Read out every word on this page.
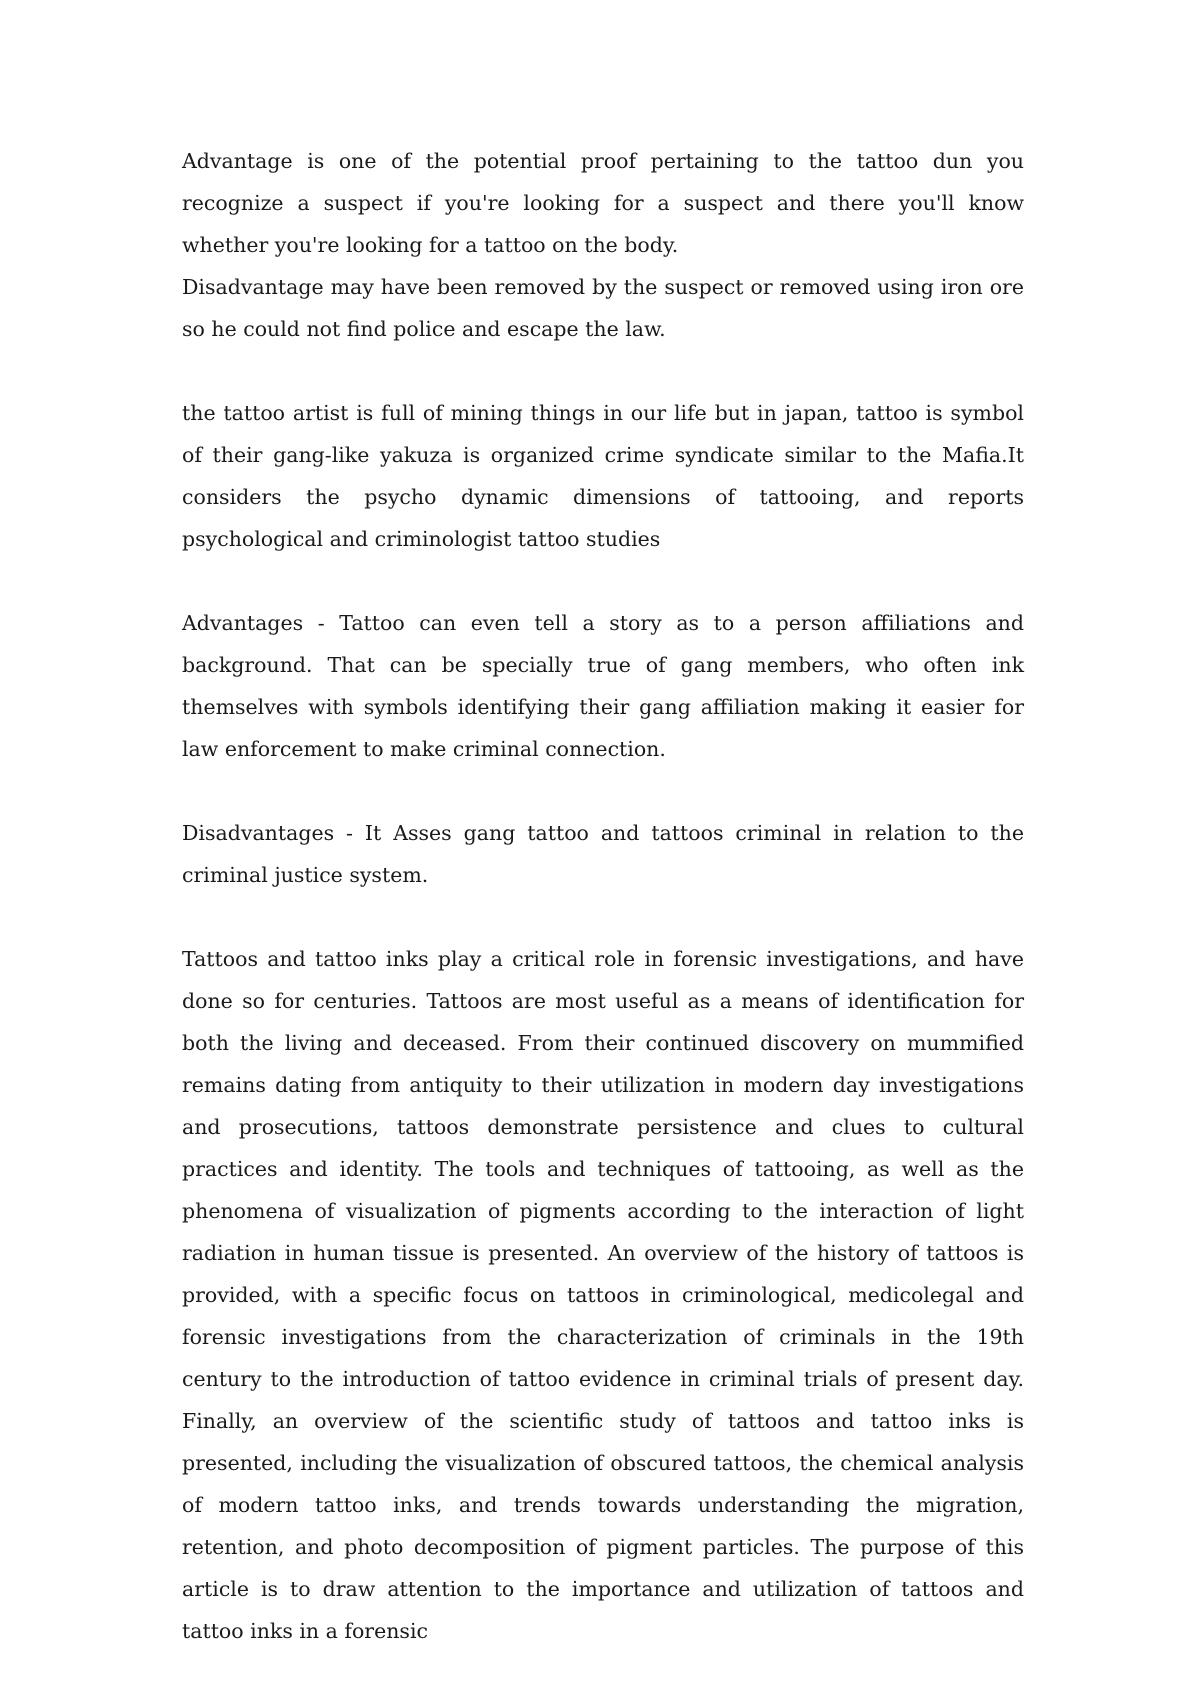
Advantage is one of the potential proof pertaining to the tattoo dun you recognize a suspect if you're looking for a suspect and there you'll know whether you're looking for a tattoo on the body.

Disadvantage may have been removed by the suspect or removed using iron ore so he could not find police and escape the law.

the tattoo artist is full of mining things in our life but in japan, tattoo is symbol of their gang-like yakuza is organized crime syndicate similar to the Mafia.It considers the psycho dynamic dimensions of tattooing, and reports psychological and criminologist tattoo studies

Advantages - Tattoo can even tell a story as to a person affiliations and background. That can be specially true of gang members, who often ink themselves with symbols identifying their gang affiliation making it easier for law enforcement to make criminal connection.

Disadvantages - It Asses gang tattoo and tattoos criminal in relation to the criminal justice system.

Tattoos and tattoo inks play a critical role in forensic investigations, and have done so for centuries. Tattoos are most useful as a means of identification for both the living and deceased. From their continued discovery on mummified remains dating from antiquity to their utilization in modern day investigations and prosecutions, tattoos demonstrate persistence and clues to cultural practices and identity. The tools and techniques of tattooing, as well as the phenomena of visualization of pigments according to the interaction of light radiation in human tissue is presented. An overview of the history of tattoos is provided, with a specific focus on tattoos in criminological, medicolegal and forensic investigations from the characterization of criminals in the 19th century to the introduction of tattoo evidence in criminal trials of present day. Finally, an overview of the scientific study of tattoos and tattoo inks is presented, including the visualization of obscured tattoos, the chemical analysis of modern tattoo inks, and trends towards understanding the migration, retention, and photo decomposition of pigment particles. The purpose of this article is to draw attention to the importance and utilization of tattoos and tattoo inks in a forensic
